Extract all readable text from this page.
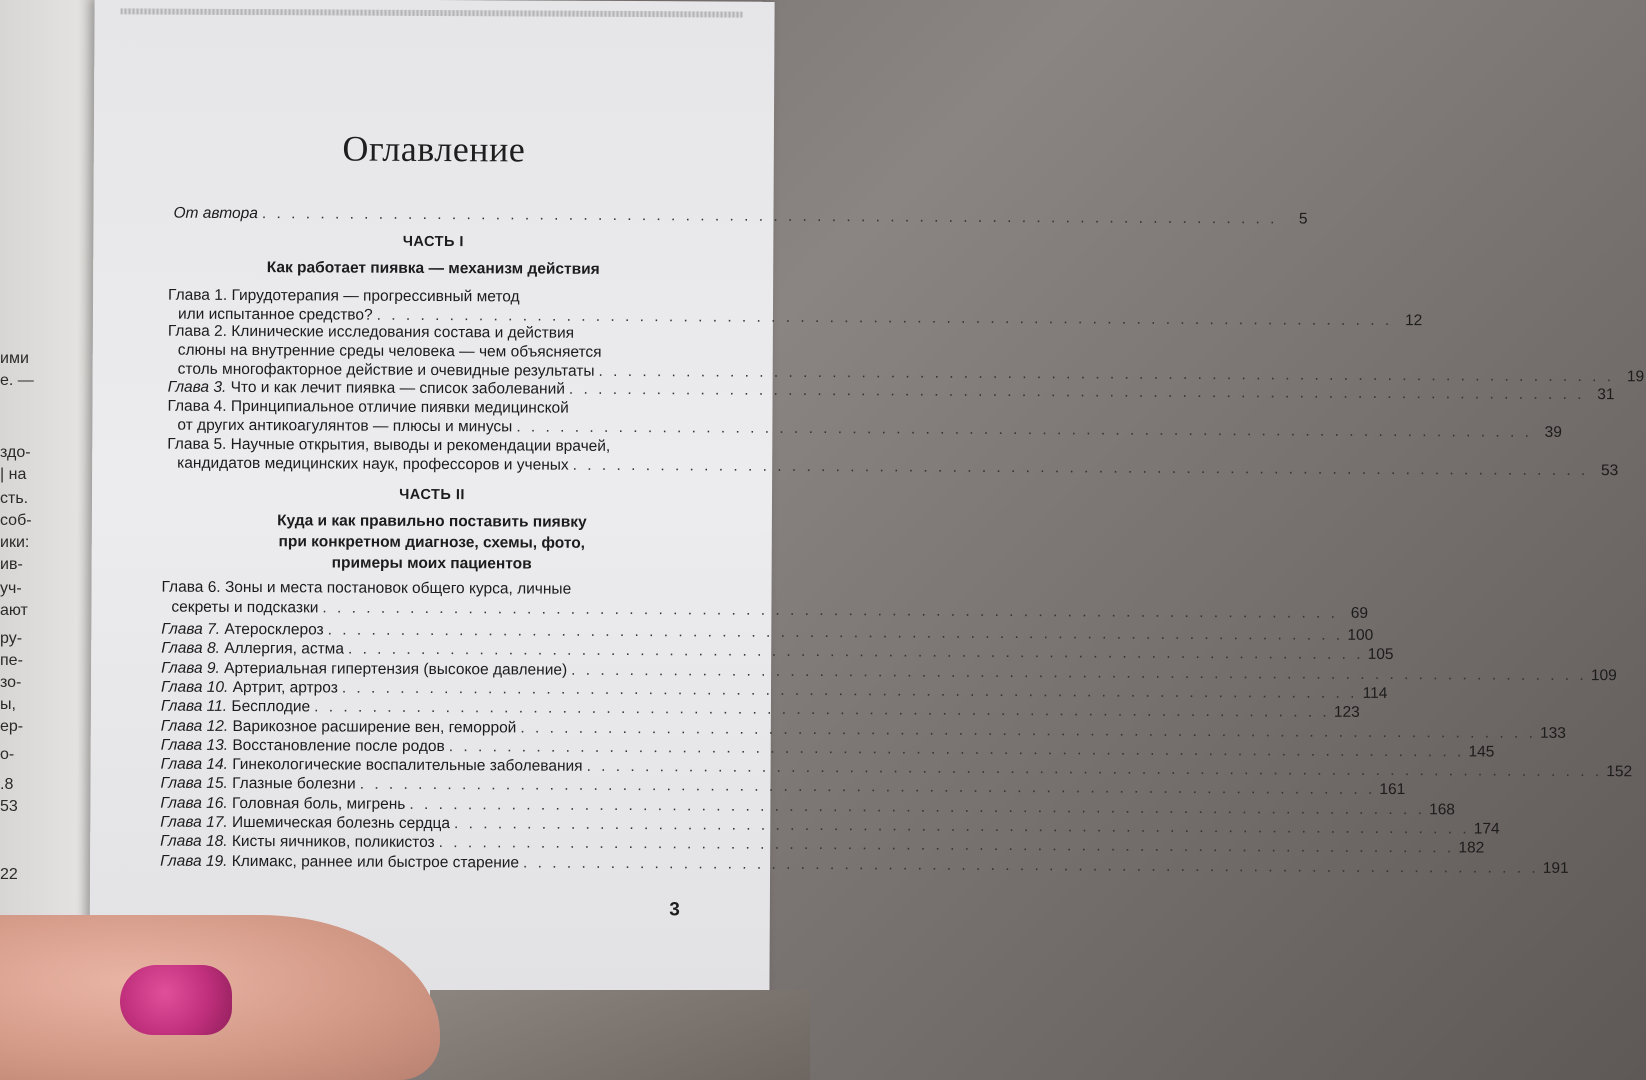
ими
е. —
здо-
| на
сть.
соб-
ики:
ив-
уч-
ают
ру-
пе-
зо-
ы,
ер-
о-
.8
53
22
Оглавление
От автора . . . . . . . . . . . . . . . . . . . . . . . . . . . . . . . . . . . . . . . . . . . . . . . . . . . . . . . . . . . . . . . . . . . . . .	5
ЧАСТЬ I
Как работает пиявка — механизм действия
Глава 1. Гирудотерапия — прогрессивный метод
или испытанное средство? . . . . . . . . . . . . . . . . . . . . . . . . . . . . . . . . . . . . . . . . . . . . . . . . . . . . . . . . . . . . . . . . . . . . . . 12
Глава 2. Клинические исследования состава и действия
слюны на внутренние среды человека — чем объясняется
столь многофакторное действие и очевидные результаты . . . . . . . . . . . . . . . . . . . . . . . . . . . . . . . . . . . . . . . . . . . . . . . . . . . . . . . . . . . . . . . . . . . . . . 19
Глава 3. Что и как лечит пиявка — список заболеваний . . . . . . . . . . . . . . . . . . . . . . . . . . . . . . . . . . . . . . . . . . . . . . . . . . . . . . . . . . . . . . . . . . . . . . 31
Глава 4. Принципиальное отличие пиявки медицинской
от других антикоагулянтов — плюсы и минусы . . . . . . . . . . . . . . . . . . . . . . . . . . . . . . . . . . . . . . . . . . . . . . . . . . . . . . . . . . . . . . . . . . . . . . 39
Глава 5. Научные открытия, выводы и рекомендации врачей,
кандидатов медицинских наук, профессоров и ученых . . . . . . . . . . . . . . . . . . . . . . . . . . . . . . . . . . . . . . . . . . . . . . . . . . . . . . . . . . . . . . . . . . . . . . 53
ЧАСТЬ II
Куда и как правильно поставить пиявку
при конкретном диагнозе, схемы, фото,
примеры моих пациентов
Глава 6. Зоны и места постановок общего курса, личные
секреты и подсказки . . . . . . . . . . . . . . . . . . . . . . . . . . . . . . . . . . . . . . . . . . . . . . . . . . . . . . . . . . . . . . . . . . . . . . 69
Глава 7. Атеросклероз . . . . . . . . . . . . . . . . . . . . . . . . . . . . . . . . . . . . . . . . . . . . . . . . . . . . . . . . . . . . . . . . . . . . . . 100
Глава 8. Аллергия, астма . . . . . . . . . . . . . . . . . . . . . . . . . . . . . . . . . . . . . . . . . . . . . . . . . . . . . . . . . . . . . . . . . . . . . . 105
Глава 9. Артериальная гипертензия (высокое давление) . . . . . . . . . . . . . . . . . . . . . . . . . . . . . . . . . . . . . . . . . . . . . . . . . . . . . . . . . . . . . . . . . . . . . . 109
Глава 10. Артрит, артроз . . . . . . . . . . . . . . . . . . . . . . . . . . . . . . . . . . . . . . . . . . . . . . . . . . . . . . . . . . . . . . . . . . . . . . 114
Глава 11. Бесплодие . . . . . . . . . . . . . . . . . . . . . . . . . . . . . . . . . . . . . . . . . . . . . . . . . . . . . . . . . . . . . . . . . . . . . . 123
Глава 12. Варикозное расширение вен, геморрой . . . . . . . . . . . . . . . . . . . . . . . . . . . . . . . . . . . . . . . . . . . . . . . . . . . . . . . . . . . . . . . . . . . . . . 133
Глава 13. Восстановление после родов . . . . . . . . . . . . . . . . . . . . . . . . . . . . . . . . . . . . . . . . . . . . . . . . . . . . . . . . . . . . . . . . . . . . . . 145
Глава 14. Гинекологические воспалительные заболевания . . . . . . . . . . . . . . . . . . . . . . . . . . . . . . . . . . . . . . . . . . . . . . . . . . . . . . . . . . . . . . . . . . . . . . 152
Глава 15. Глазные болезни . . . . . . . . . . . . . . . . . . . . . . . . . . . . . . . . . . . . . . . . . . . . . . . . . . . . . . . . . . . . . . . . . . . . . . 161
Глава 16. Головная боль, мигрень . . . . . . . . . . . . . . . . . . . . . . . . . . . . . . . . . . . . . . . . . . . . . . . . . . . . . . . . . . . . . . . . . . . . . . 168
Глава 17. Ишемическая болезнь сердца . . . . . . . . . . . . . . . . . . . . . . . . . . . . . . . . . . . . . . . . . . . . . . . . . . . . . . . . . . . . . . . . . . . . . . 174
Глава 18. Кисты яичников, поликистоз . . . . . . . . . . . . . . . . . . . . . . . . . . . . . . . . . . . . . . . . . . . . . . . . . . . . . . . . . . . . . . . . . . . . . . 182
Глава 19. Климакс, раннее или быстрое старение . . . . . . . . . . . . . . . . . . . . . . . . . . . . . . . . . . . . . . . . . . . . . . . . . . . . . . . . . . . . . . . . . . . . . . 191
3
